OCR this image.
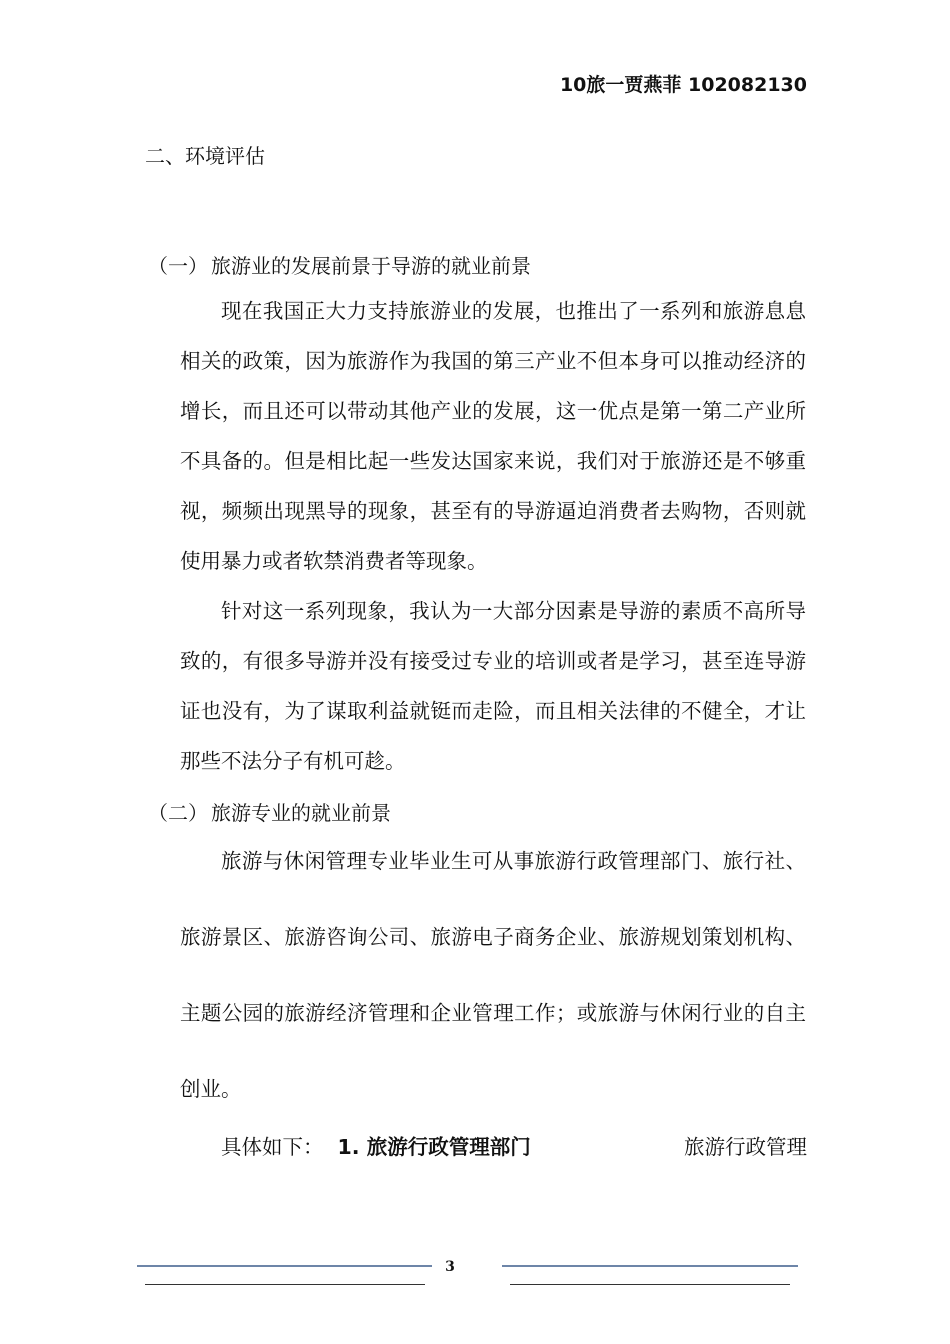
10旅一贾燕菲 102082130
二、环境评估
（一） 旅游业的发展前景于导游的就业前景

现在我国正大力支持旅游业的发展，也推出了一系列和旅游息息相关的政策，因为旅游作为我国的第三产业不但本身可以推动经济的增长，而且还可以带动其他产业的发展，这一优点是第一第二产业所不具备的。但是相比起一些发达国家来说，我们对于旅游还是不够重视，频频出现黑导的现象，甚至有的导游逼迫消费者去购物，否则就使用暴力或者软禁消费者等现象。

针对这一系列现象，我认为一大部分因素是导游的素质不高所导致的，有很多导游并没有接受过专业的培训或者是学习，甚至连导游证也没有，为了谋取利益就铤而走险，而且相关法律的不健全，才让那些不法分子有机可趁。

（二） 旅游专业的就业前景

旅游与休闲管理专业毕业生可从事旅游行政管理部门、旅行社、旅游景区、旅游咨询公司、旅游电子商务企业、旅游规划策划机构、主题公园的旅游经济管理和企业管理工作；或旅游与休闲行业的自主创业。

具体如下： 1. 旅游行政管理部门	旅游行政管理
3
